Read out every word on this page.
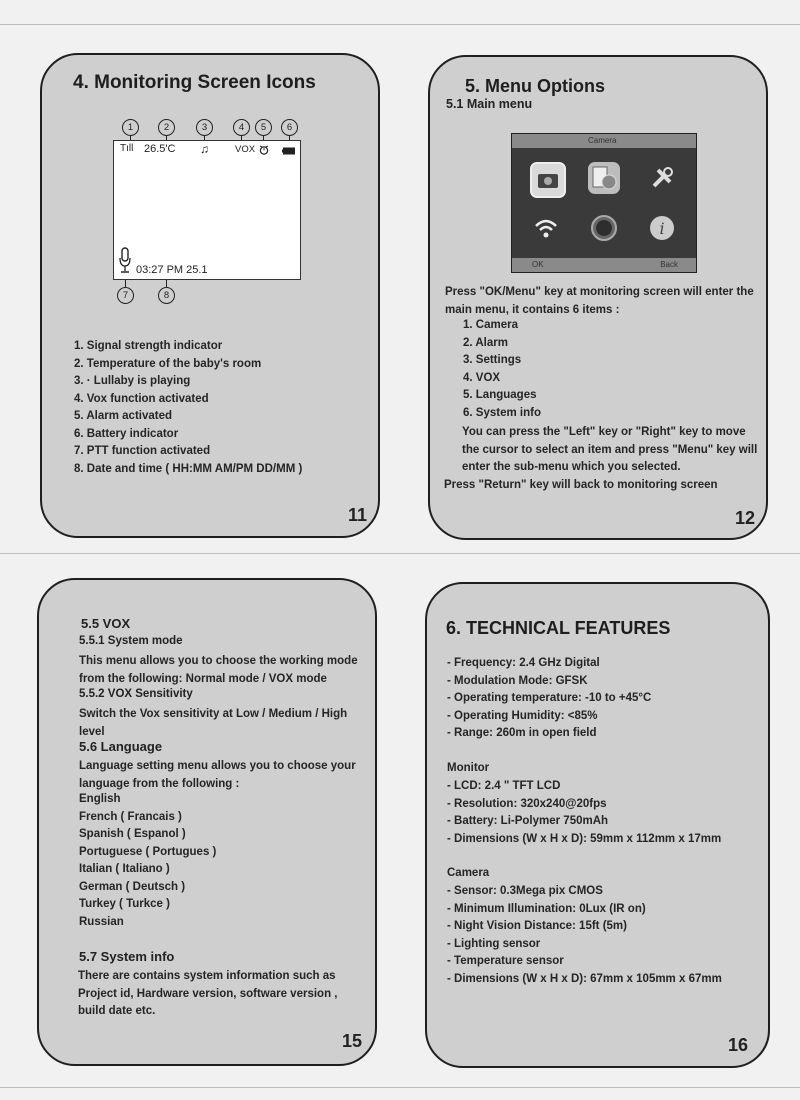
4. Monitoring Screen Icons
1	2	3	4	5	6
Tıll 26.5'C ♫	VOX
03:27 PM 25.1
7	8
1. Signal strength indicator
2. Temperature of the baby's room
3. · Lullaby is playing
4. Vox function activated
5. Alarm activated
6. Battery indicator
7. PTT function activated
8. Date and time ( HH:MM AM/PM DD/MM )
11
5. Menu Options
5.1 Main menu
Camera
i
OK	Back
Press "OK/Menu" key at monitoring screen will enter the
main menu, it contains 6 items :
1. Camera
2. Alarm
3. Settings
4. VOX
5. Languages
6. System info
You can press the "Left" key or "Right" key to move
the cursor to select an item and press "Menu" key will
enter the sub-menu which you selected.
Press "Return" key will back to monitoring screen
12
5.5 VOX
5.5.1 System mode
This menu allows you to choose the working mode
from the following: Normal mode / VOX mode
5.5.2 VOX Sensitivity
Switch the Vox sensitivity at Low / Medium / High
level
5.6 Language
Language setting menu allows you to choose your
language from the following :
English
French ( Francais )
Spanish ( Espanol )
Portuguese ( Portugues )
Italian ( Italiano )
German ( Deutsch )
Turkey ( Turkce )
Russian
5.7 System info
There are contains system information such as
Project id, Hardware version, software version ,
build date etc.
15
6. TECHNICAL FEATURES
- Frequency: 2.4 GHz Digital
- Modulation Mode: GFSK
- Operating temperature: -10 to +45°C
- Operating Humidity: <85%
- Range: 260m in open field
Monitor
- LCD: 2.4 " TFT LCD
- Resolution: 320x240@20fps
- Battery: Li-Polymer 750mAh
- Dimensions (W x H x D): 59mm x 112mm x 17mm
Camera
- Sensor: 0.3Mega pix CMOS
- Minimum Illumination: 0Lux (IR on)
- Night Vision Distance: 15ft (5m)
- Lighting sensor
- Temperature sensor
- Dimensions (W x H x D): 67mm x 105mm x 67mm
16
